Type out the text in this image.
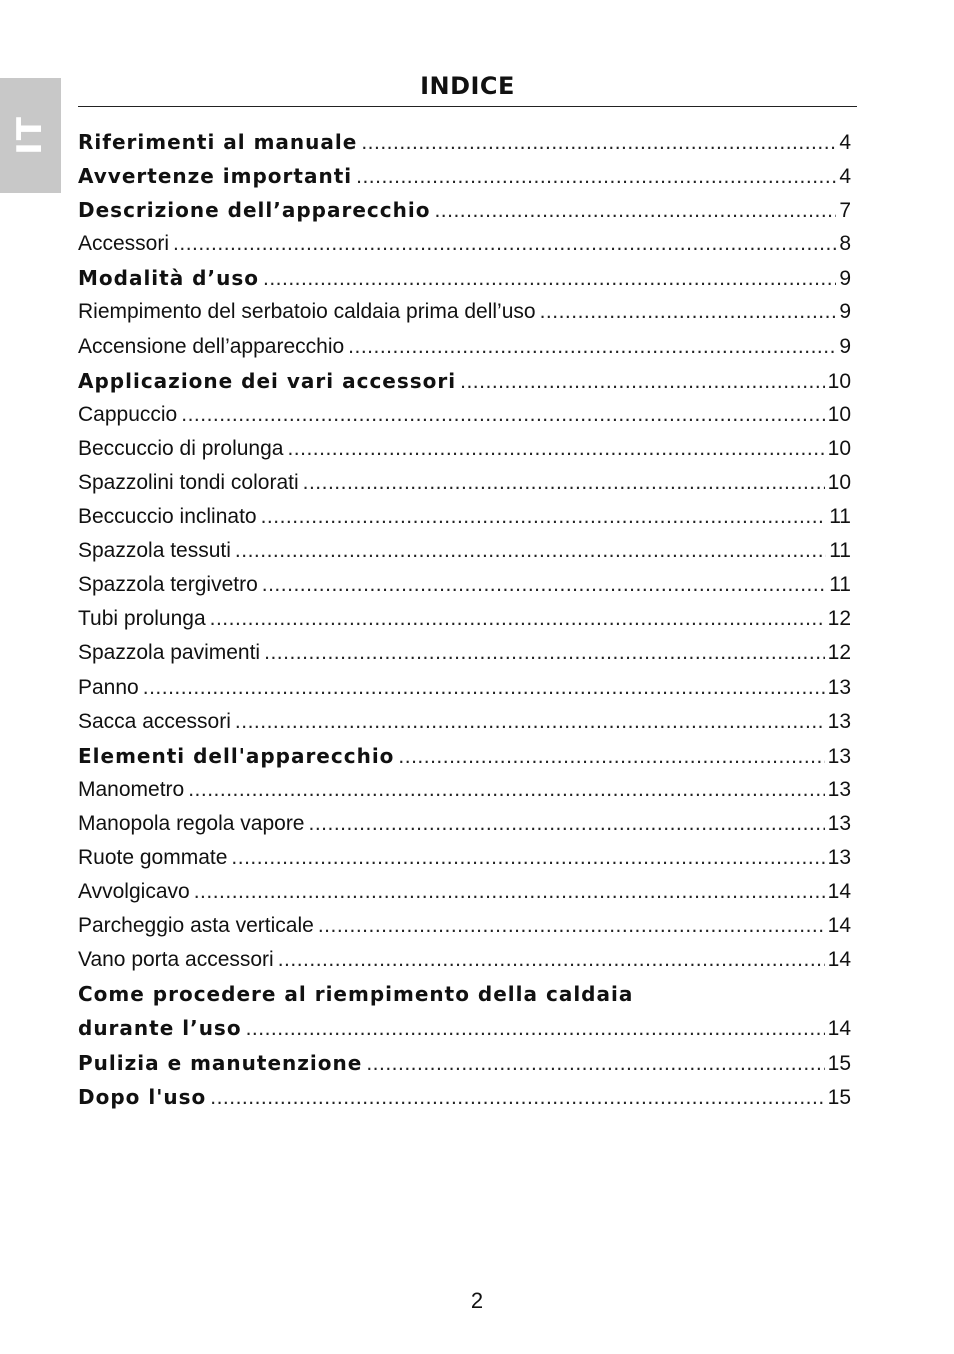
IT
INDICE
Riferimenti al manuale .....	4
Avvertenze importanti .....	4
Descrizione dell’apparecchio .....	7
Accessori .....	8
Modalità d’uso .....	9
Riempimento del serbatoio caldaia prima dell’uso .....	9
Accensione dell’apparecchio .....	9
Applicazione dei vari accessori .....	10
Cappuccio .....	10
Beccuccio di prolunga .....	10
Spazzolini tondi colorati .....	10
Beccuccio inclinato .....	11
Spazzola tessuti .....	11
Spazzola tergivetro .....	11
Tubi prolunga .....	12
Spazzola pavimenti .....	12
Panno .....	13
Sacca accessori .....	13
Elementi dell'apparecchio .....	13
Manometro .....	13
Manopola regola vapore .....	13
Ruote gommate .....	13
Avvolgicavo .....	14
Parcheggio asta verticale .....	14
Vano porta accessori .....	14
Come procedere al riempimento della caldaia
durante l’uso .....	14
Pulizia e manutenzione .....	15
Dopo l'uso .....	15
2
